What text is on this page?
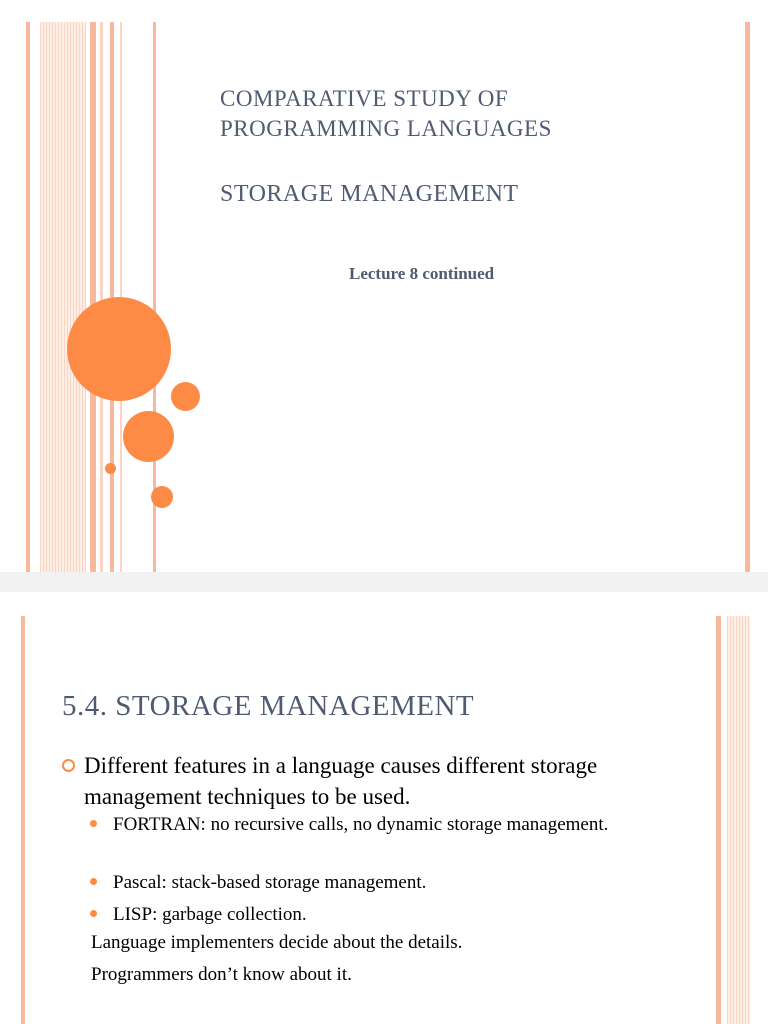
COMPARATIVE STUDY OF
PROGRAMMING LANGUAGES
STORAGE MANAGEMENT
Lecture 8 continued
5.4. STORAGE MANAGEMENT
Different features in a language causes different storage management techniques to be used.
FORTRAN: no recursive calls, no dynamic storage management.
Pascal: stack-based storage management.
LISP: garbage collection.
Language implementers decide about the details.
Programmers don’t know about it.
